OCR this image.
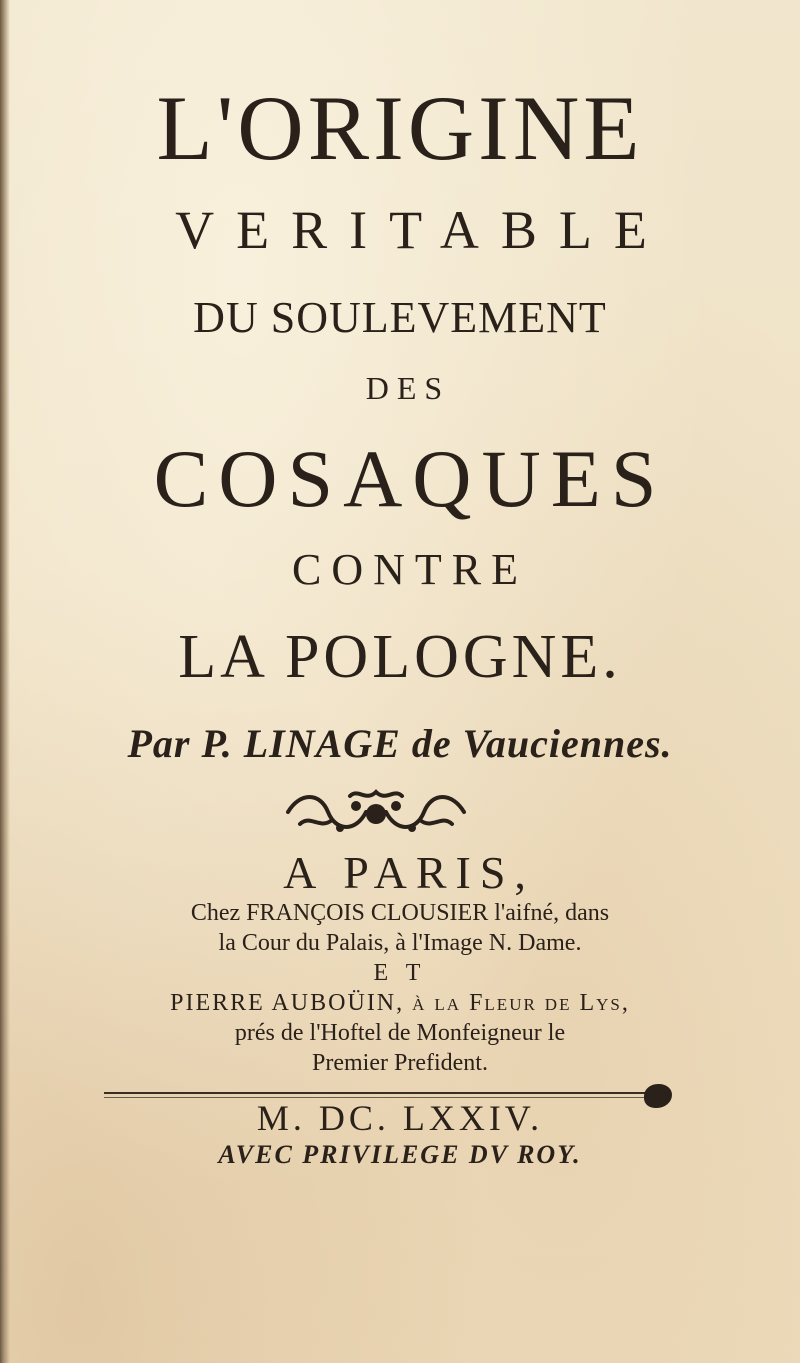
L'ORIGINE
VERITABLE
DU SOULEVEMENT
DES
COSAQUES
CONTRE
LA POLOGNE.
Par P. LINAGE de Vauciennes.
A PARIS,
Chez FRANÇOIS CLOUSIER l'aifné, dans
la Cour du Palais, à l'Image N. Dame.
E T
PIERRE AUBOÜIN, à la Fleur de Lys,
prés de l'Hoftel de Monfeigneur le
Premier Prefident.
M. DC. LXXIV.
AVEC PRIVILEGE DV ROY.
